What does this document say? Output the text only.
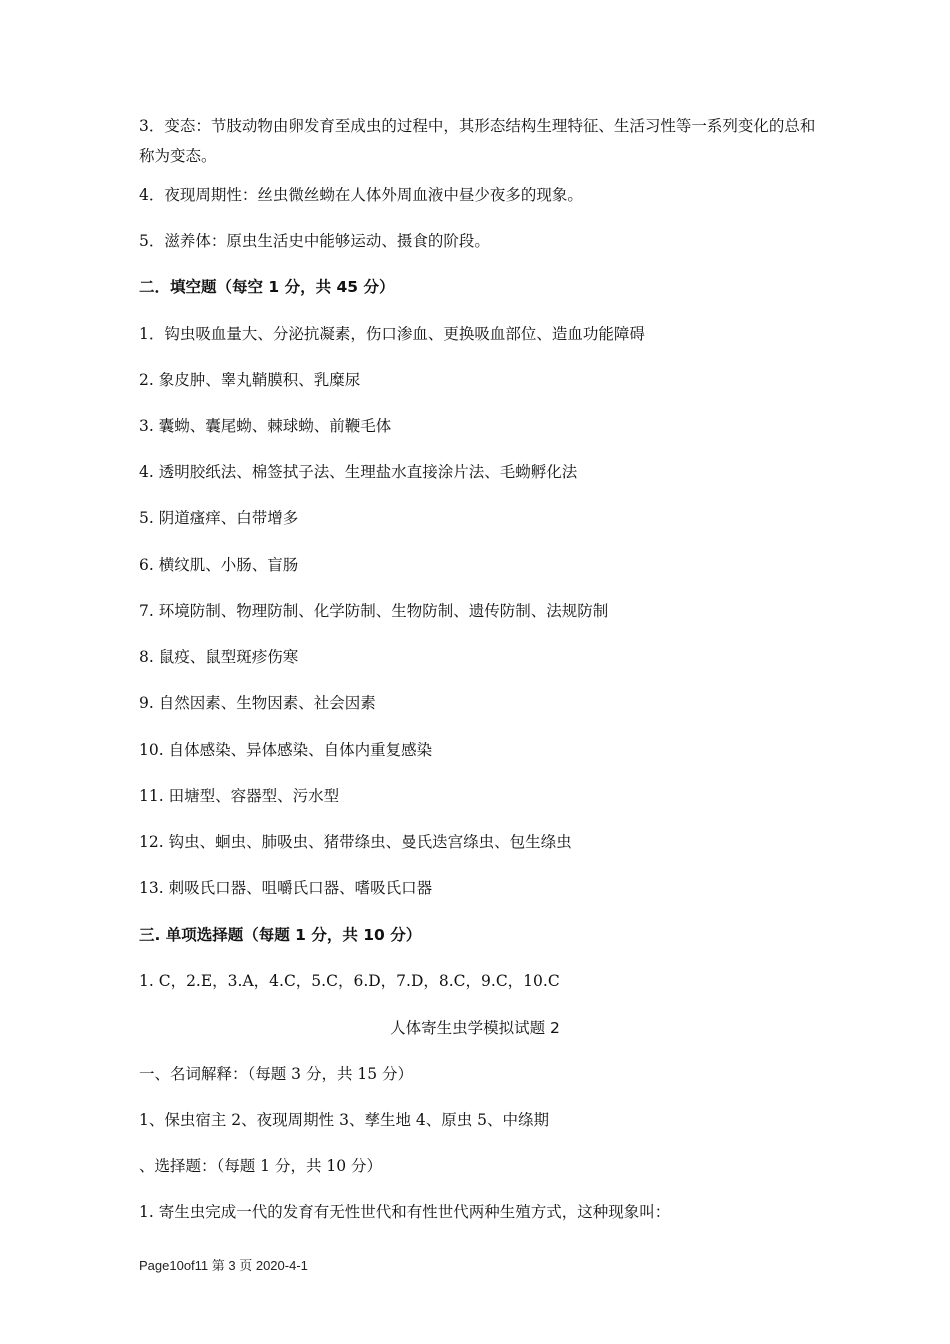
3．变态：节肢动物由卵发育至成虫的过程中，其形态结构生理特征、生活习性等一系列变化的总和称为变态。
4．夜现周期性：丝虫微丝蚴在人体外周血液中昼少夜多的现象。
5．滋养体：原虫生活史中能够运动、摄食的阶段。
二．填空题（每空 1 分，共 45 分）
1．钩虫吸血量大、分泌抗凝素，伤口渗血、更换吸血部位、造血功能障碍
2. 象皮肿、睾丸鞘膜积、乳糜尿
3. 囊蚴、囊尾蚴、棘球蚴、前鞭毛体
4. 透明胶纸法、棉签拭子法、生理盐水直接涂片法、毛蚴孵化法
5. 阴道瘙痒、白带增多
6. 横纹肌、小肠、盲肠
7. 环境防制、物理防制、化学防制、生物防制、遗传防制、法规防制
8. 鼠疫、鼠型斑疹伤寒
9. 自然因素、生物因素、社会因素
10. 自体感染、异体感染、自体内重复感染
11. 田塘型、容器型、污水型
12. 钩虫、蛔虫、肺吸虫、猪带绦虫、曼氏迭宫绦虫、包生绦虫
13. 刺吸氏口器、咀嚼氏口器、嗜吸氏口器
三. 单项选择题（每题 1 分，共 10 分）
1. C，2.E，3.A，4.C，5.C，6.D，7.D，8.C，9.C，10.C
人体寄生虫学模拟试题 2
一、名词解释：（每题 3 分，共 15 分）
1、保虫宿主 2、夜现周期性 3、孳生地 4、原虫 5、中绦期
、选择题：（每题 1 分，共 10 分）
1. 寄生虫完成一代的发育有无性世代和有性世代两种生殖方式，这种现象叫：
Page10of11 第 3 页 2020-4-1
